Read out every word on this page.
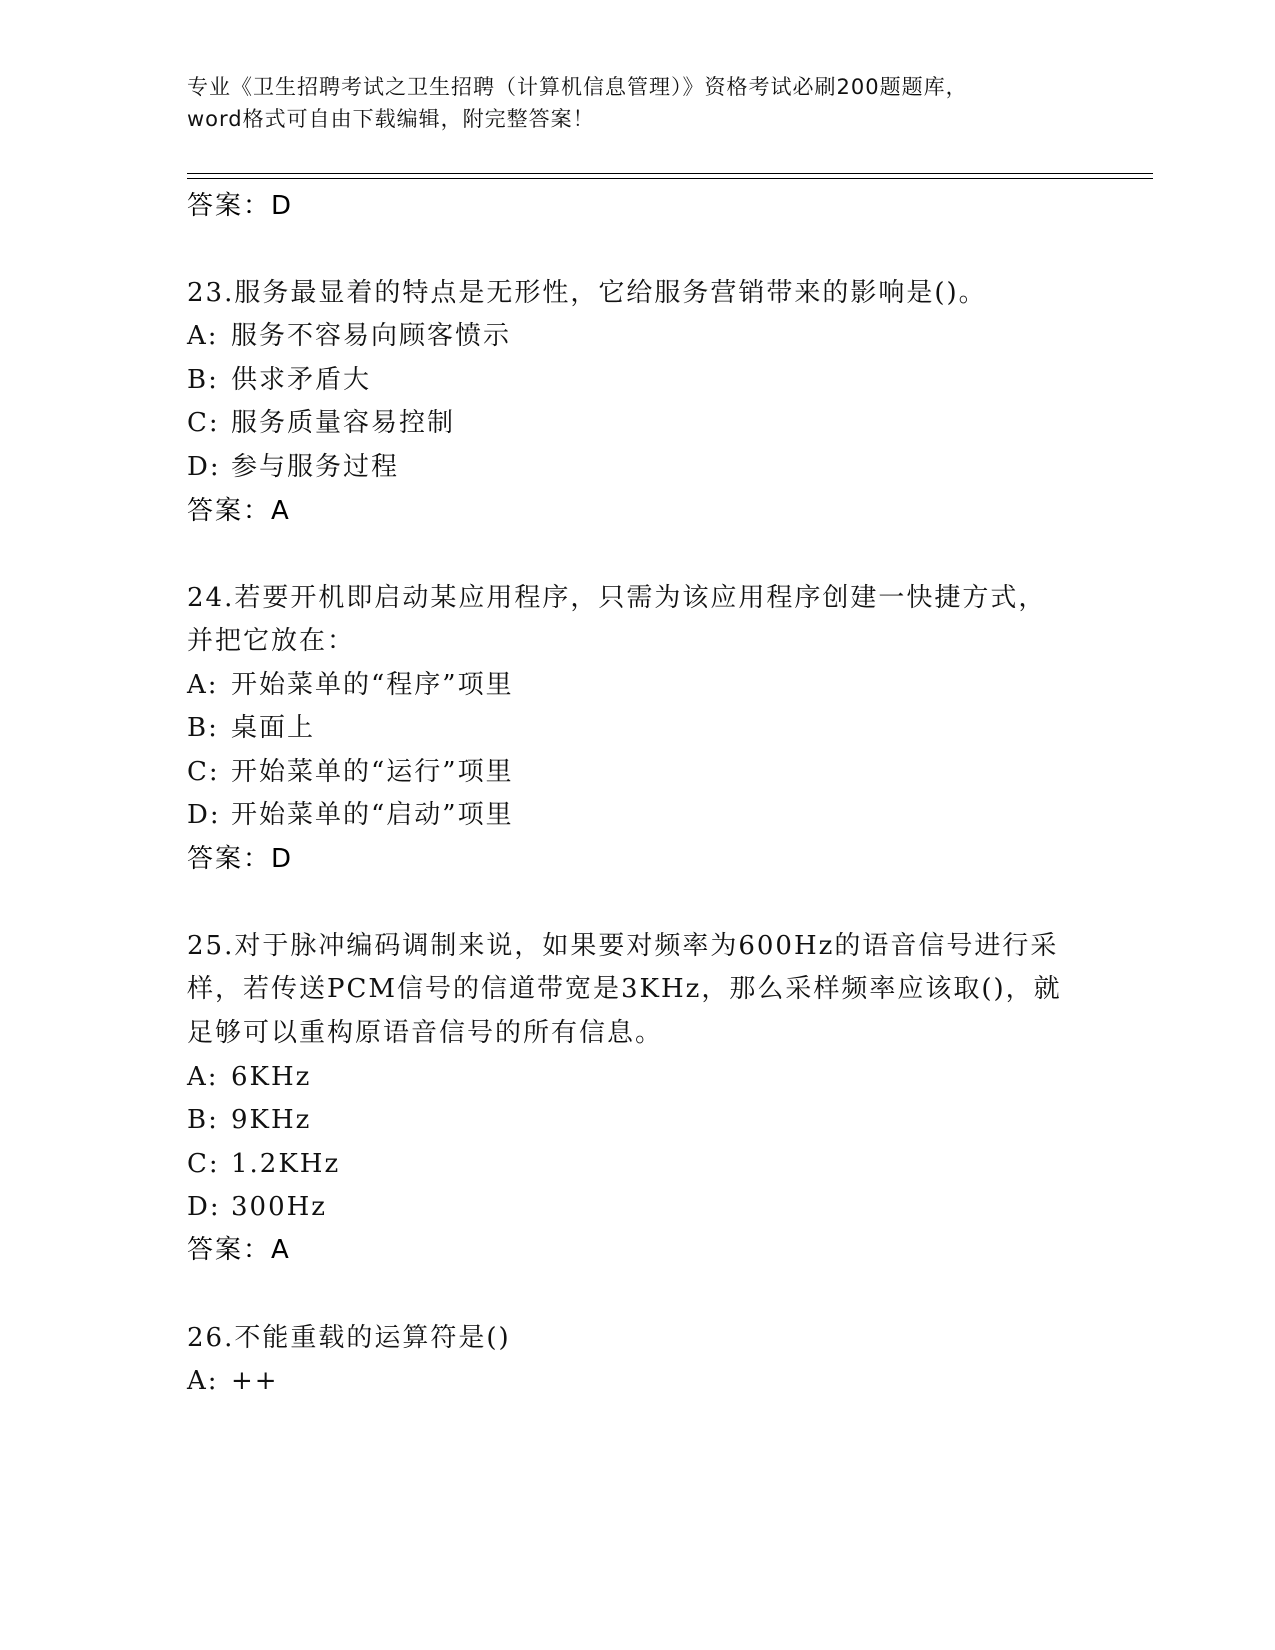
专业《卫生招聘考试之卫生招聘（计算机信息管理）》资格考试必刷200题题库，
word格式可自由下载编辑，附完整答案！
答案：D
23.服务最显着的特点是无形性，它给服务营销带来的影响是()。
A: 服务不容易向顾客愤示
B: 供求矛盾大
C: 服务质量容易控制
D: 参与服务过程
答案：A
24.若要开机即启动某应用程序，只需为该应用程序创建一快捷方式，
并把它放在：
A: 开始菜单的“程序”项里
B: 桌面上
C: 开始菜单的“运行”项里
D: 开始菜单的“启动”项里
答案：D
25.对于脉冲编码调制来说，如果要对频率为600Hz的语音信号进行采
样，若传送PCM信号的信道带宽是3KHz，那么采样频率应该取()，就
足够可以重构原语音信号的所有信息。
A: 6KHz
B: 9KHz
C: 1.2KHz
D: 300Hz
答案：A
26.不能重载的运算符是()
A: ++
